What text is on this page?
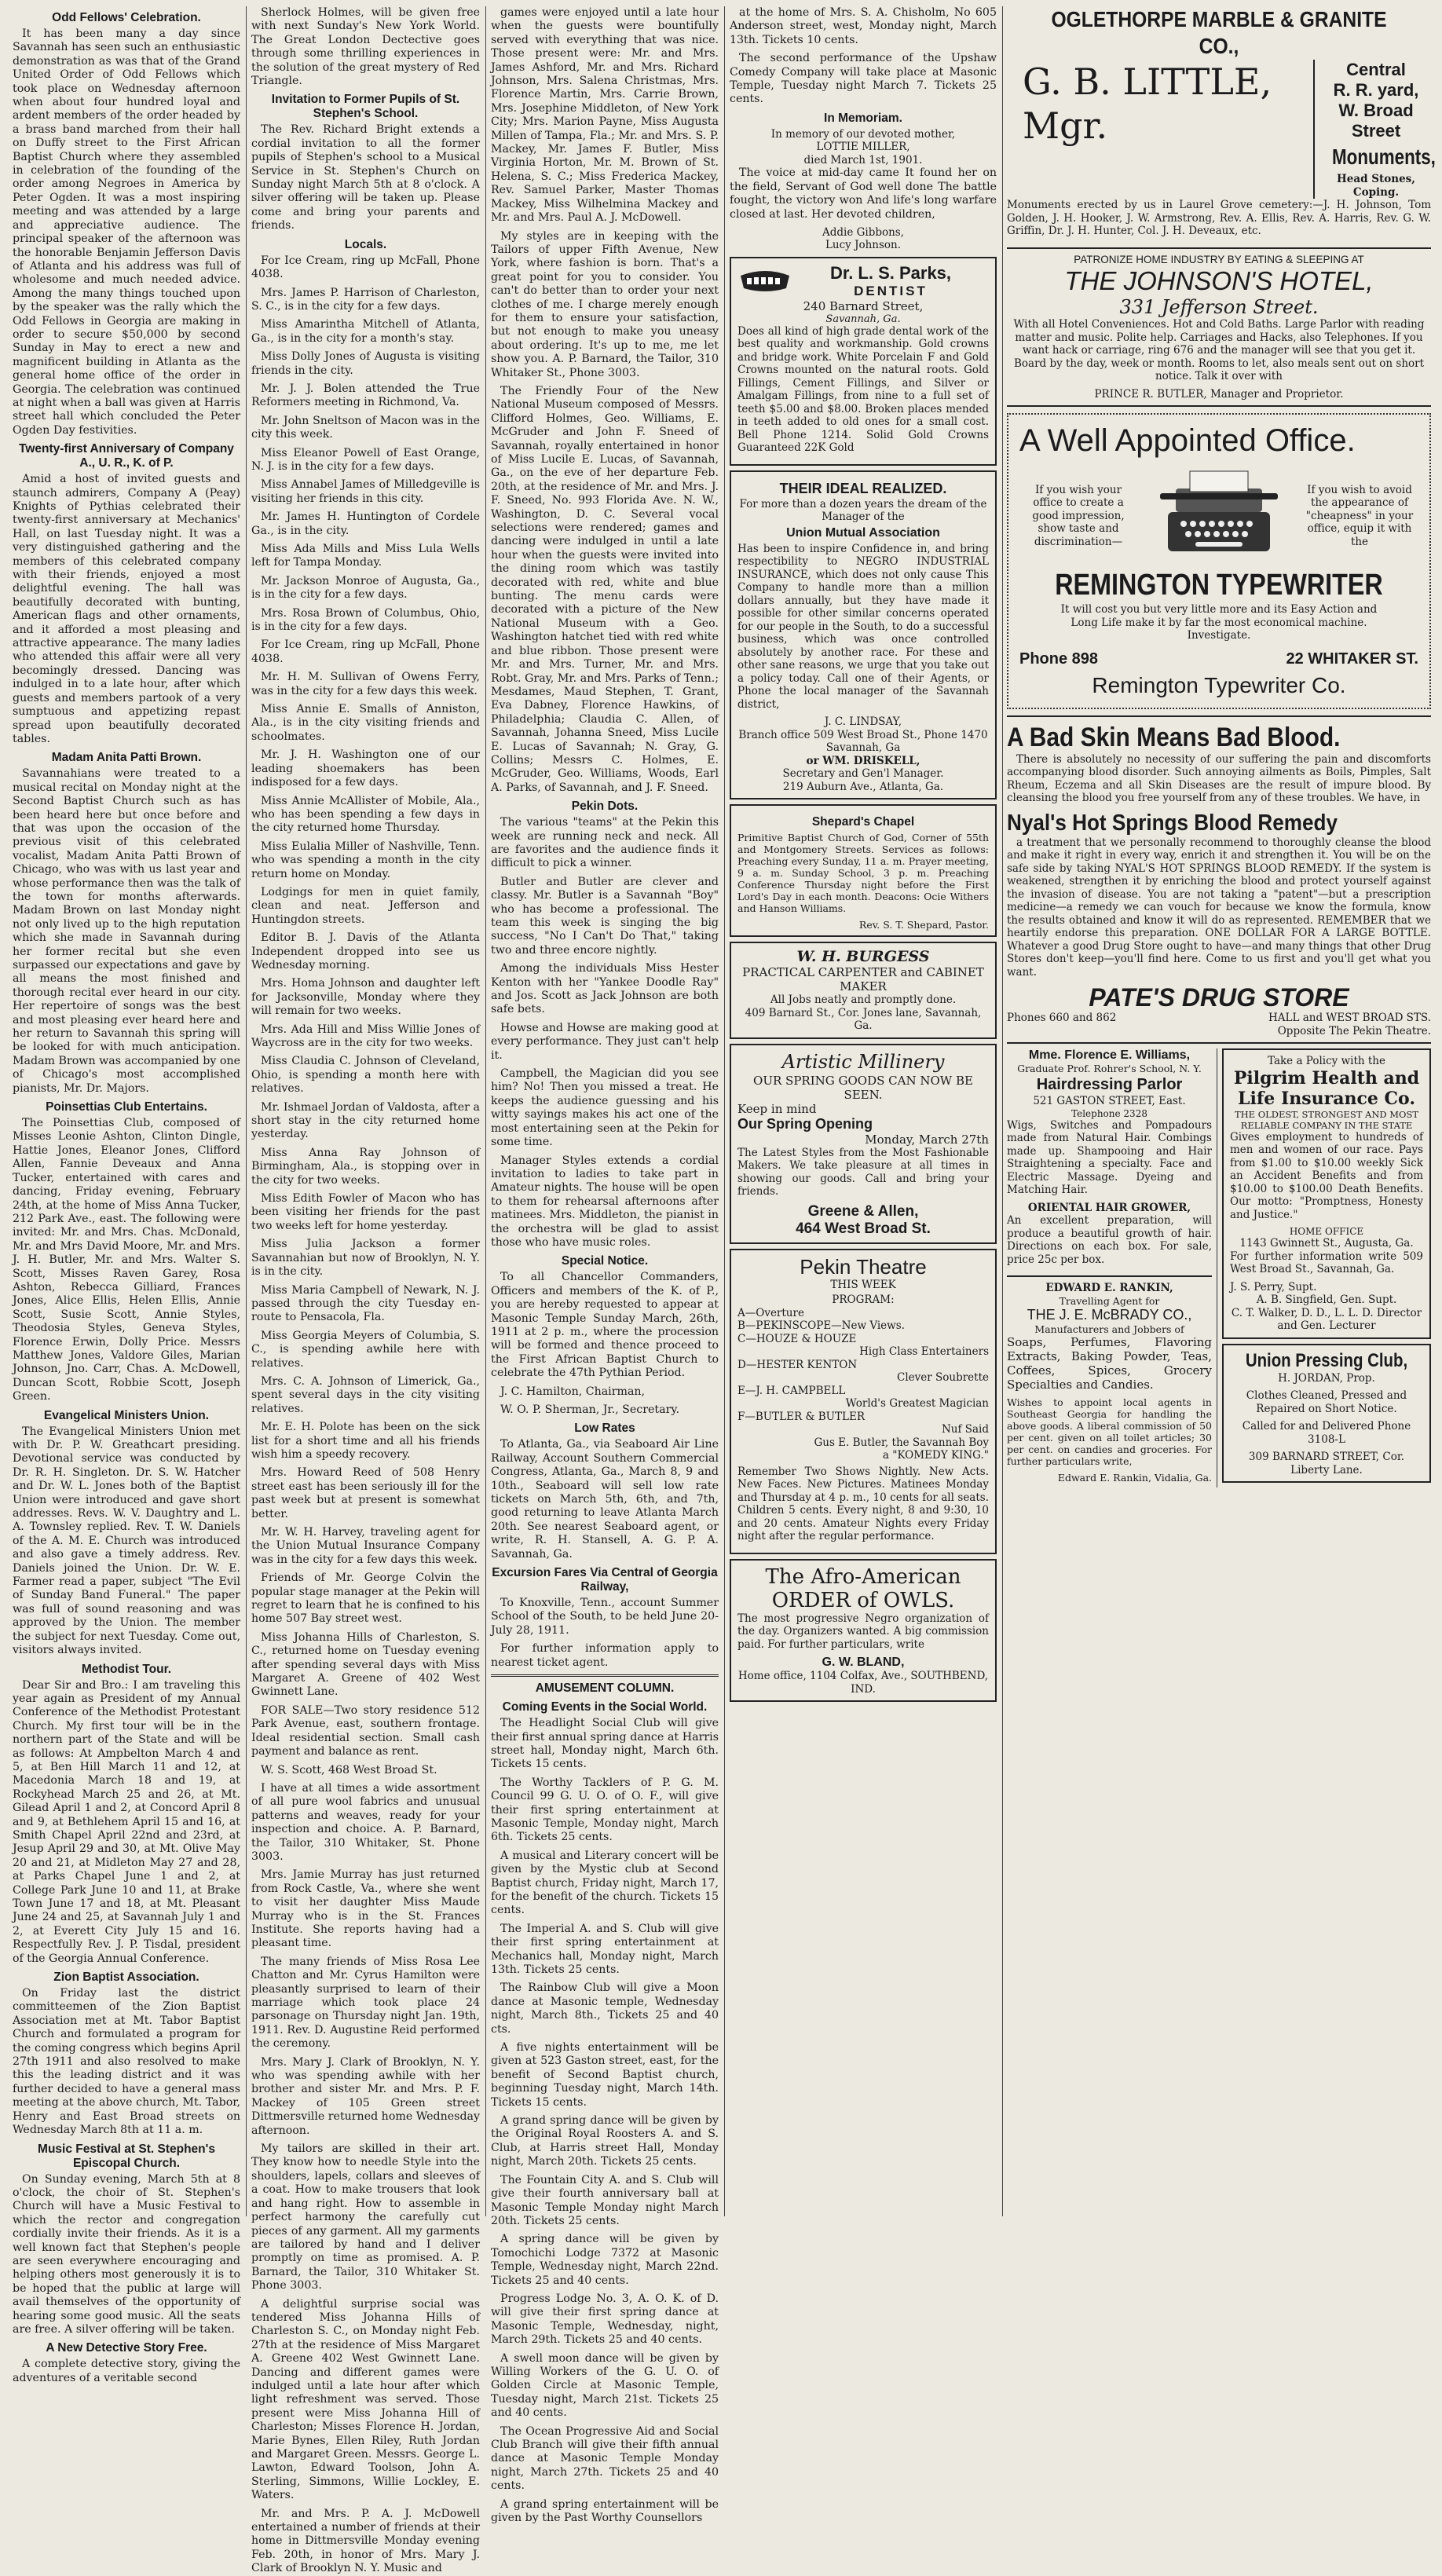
Odd Fellows' Celebration.

It has been many a day since Savannah has seen such an enthusiastic demonstration as was that of the Grand United Order of Odd Fellows which took place on Wednesday afternoon when about four hundred loyal and ardent members of the order headed by a brass band marched from their hall on Duffy street to the First African Baptist Church where they assembled in celebration of the founding of the order among Negroes in America by Peter Ogden. It was a most inspiring meeting and was attended by a large and appreciative audience. The principal speaker of the afternoon was the honorable Benjamin Jefferson Davis of Atlanta and his address was full of wholesome and much needed advice. Among the many things touched upon by the speaker was the rally which the Odd Fellows in Georgia are making in order to secure $50,000 by second Sunday in May to erect a new and magnificent building in Atlanta as the general home office of the order in Georgia. The celebration was continued at night when a ball was given at Harris street hall which concluded the Peter Ogden Day festivities.

Twenty-first Anniversary of Company A., U. R., K. of P.

Amid a host of invited guests and staunch admirers, Company A (Peay) Knights of Pythias celebrated their twenty-first anniversary at Mechanics' Hall, on last Tuesday night. It was a very distinguished gathering and the members of this celebrated company with their friends, enjoyed a most delightful evening. The hall was beautifully decorated with bunting, American flags and other ornaments, and it afforded a most pleasing and attractive appearance. The many ladies who attended this affair were all very becomingly dressed. Dancing was indulged in to a late hour, after which guests and members partook of a very sumptuous and appetizing repast spread upon beautifully decorated tables.

Madam Anita Patti Brown.

Savannahians were treated to a musical recital on Monday night at the Second Baptist Church such as has been heard here but once before and that was upon the occasion of the previous visit of this celebrated vocalist, Madam Anita Patti Brown of Chicago, who was with us last year and whose performance then was the talk of the town for months afterwards. Madam Brown on last Monday night not only lived up to the high reputation which she made in Savannah during her former recital but she even surpassed our expectations and gave by all means the most finished and thorough recital ever heard in our city. Her repertoire of songs was the best and most pleasing ever heard here and her return to Savannah this spring will be looked for with much anticipation. Madam Brown was accompanied by one of Chicago's most accomplished pianists, Mr. Dr. Majors.

Poinsettias Club Entertains.

The Poinsettias Club, composed of Misses Leonie Ashton, Clinton Dingle, Hattie Jones, Eleanor Jones, Clifford Allen, Fannie Deveaux and Anna Tucker, entertained with cares and dancing, Friday evening, February 24th, at the home of Miss Anna Tucker, 212 Park Ave., east. The following were invited: Mr. and Mrs. Chas. McDonald, Mr. and Mrs David Moore, Mr. and Mrs. J. H. Butler, Mr. and Mrs. Walter S. Scott, Misses Raven Garey, Rosa Ashton, Rebecca Gilliard, Frances Jones, Alice Ellis, Helen Ellis, Annie Scott, Susie Scott, Annie Styles, Theodosia Styles, Geneva Styles, Florence Erwin, Dolly Price. Messrs Matthew Jones, Valdore Giles, Marian Johnson, Jno. Carr, Chas. A. McDowell, Duncan Scott, Robbie Scott, Joseph Green.

Evangelical Ministers Union.

The Evangelical Ministers Union met with Dr. P. W. Greathcart presiding. Devotional service was conducted by Dr. R. H. Singleton. Dr. S. W. Hatcher and Dr. W. L. Jones both of the Baptist Union were introduced and gave short addresses. Revs. W. V. Daughtry and L. A. Townsley replied. Rev. T. W. Daniels of the A. M. E. Church was introduced and also gave a timely address. Rev. Daniels joined the Union. Dr. W. E. Farmer read a paper, subject "The Evil of Sunday Band Funeral." The paper was full of sound reasoning and was approved by the Union. The member the subject for next Tuesday. Come out, visitors always invited.

Methodist Tour.

Dear Sir and Bro.: I am traveling this year again as President of my Annual Conference of the Methodist Protestant Church. My first tour will be in the northern part of the State and will be as follows: At Ampbelton March 4 and 5, at Ben Hill March 11 and 12, at Macedonia March 18 and 19, at Rockyhead March 25 and 26, at Mt. Gilead April 1 and 2, at Concord April 8 and 9, at Bethlehem April 15 and 16, at Smith Chapel April 22nd and 23rd, at Jesup April 29 and 30, at Mt. Olive May 20 and 21, at Midleton May 27 and 28, at Parks Chapel June 1 and 2, at College Park June 10 and 11, at Brake Town June 17 and 18, at Mt. Pleasant June 24 and 25, at Savannah July 1 and 2, at Everett City July 15 and 16. Respectfully Rev. J. P. Tisdal, president of the Georgia Annual Conference.

Zion Baptist Association.

On Friday last the district committeemen of the Zion Baptist Association met at Mt. Tabor Baptist Church and formulated a program for the coming congress which begins April 27th 1911 and also resolved to make this the leading district and it was further decided to have a general mass meeting at the above church, Mt. Tabor, Henry and East Broad streets on Wednesday March 8th at 11 a. m.

Music Festival at St. Stephen's Episcopal Church.

On Sunday evening, March 5th at 8 o'clock, the choir of St. Stephen's Church will have a Music Festival to which the rector and congregation cordially invite their friends. As it is a well known fact that Stephen's people are seen everywhere encouraging and helping others most generously it is to be hoped that the public at large will avail themselves of the opportunity of hearing some good music. All the seats are free. A silver offering will be taken.

A New Detective Story Free.

A complete detective story, giving the adventures of a veritable second

Sherlock Holmes, will be given free with next Sunday's New York World. The Great London Dectective goes through some thrilling experiences in the solution of the great mystery of Red Triangle.

Invitation to Former Pupils of St. Stephen's School.

The Rev. Richard Bright extends a cordial invitation to all the former pupils of Stephen's school to a Musical Service in St. Stephen's Church on Sunday night March 5th at 8 o'clock. A silver offering will be taken up. Please come and bring your parents and friends.

Locals.

For Ice Cream, ring up McFall, Phone 4038.

Mrs. James P. Harrison of Charleston, S. C., is in the city for a few days.

Miss Amarintha Mitchell of Atlanta, Ga., is in the city for a month's stay.

Miss Dolly Jones of Augusta is visiting friends in the city.

Mr. J. J. Bolen attended the True Reformers meeting in Richmond, Va.

Mr. John Sneltson of Macon was in the city this week.

Miss Eleanor Powell of East Orange, N. J. is in the city for a few days.

Miss Annabel James of Milledgeville is visiting her friends in this city.

Mr. James H. Huntington of Cordele Ga., is in the city.

Miss Ada Mills and Miss Lula Wells left for Tampa Monday.

Mr. Jackson Monroe of Augusta, Ga., is in the city for a few days.

Mrs. Rosa Brown of Columbus, Ohio, is in the city for a few days.

For Ice Cream, ring up McFall, Phone 4038.

Mr. H. M. Sullivan of Owens Ferry, was in the city for a few days this week.

Miss Annie E. Smalls of Anniston, Ala., is in the city visiting friends and schoolmates.

Mr. J. H. Washington one of our leading shoemakers has been indisposed for a few days.

Miss Annie McAllister of Mobile, Ala., who has been spending a few days in the city returned home Thursday.

Miss Eulalia Miller of Nashville, Tenn. who was spending a month in the city return home on Monday.

Lodgings for men in quiet family, clean and neat. Jefferson and Huntingdon streets.

Editor B. J. Davis of the Atlanta Independent dropped into see us Wednesday morning.

Mrs. Homa Johnson and daughter left for Jacksonville, Monday where they will remain for two weeks.

Mrs. Ada Hill and Miss Willie Jones of Waycross are in the city for two weeks.

Miss Claudia C. Johnson of Cleveland, Ohio, is spending a month here with relatives.

Mr. Ishmael Jordan of Valdosta, after a short stay in the city returned home yesterday.

Miss Anna Ray Johnson of Birmingham, Ala., is stopping over in the city for two weeks.

Miss Edith Fowler of Macon who has been visiting her friends for the past two weeks left for home yesterday.

Miss Julia Jackson a former Savannahian but now of Brooklyn, N. Y. is in the city.

Miss Maria Campbell of Newark, N. J. passed through the city Tuesday en-route to Pensacola, Fla.

Miss Georgia Meyers of Columbia, S. C., is spending awhile here with relatives.

Mrs. C. A. Johnson of Limerick, Ga., spent several days in the city visiting relatives.

Mr. E. H. Polote has been on the sick list for a short time and all his friends wish him a speedy recovery.

Mrs. Howard Reed of 508 Henry street east has been seriously ill for the past week but at present is somewhat better.

Mr. W. H. Harvey, traveling agent for the Union Mutual Insurance Company was in the city for a few days this week.

Friends of Mr. George Colvin the popular stage manager at the Pekin will regret to learn that he is confined to his home 507 Bay street west.

Miss Johanna Hills of Charleston, S. C., returned home on Tuesday evening after spending several days with Miss Margaret A. Greene of 402 West Gwinnett Lane.

FOR SALE—Two story residence 512 Park Avenue, east, southern frontage. Ideal residential section. Small cash payment and balance as rent.

W. S. Scott, 468 West Broad St.

I have at all times a wide assortment of all pure wool fabrics and unusual patterns and weaves, ready for your inspection and choice. A. P. Barnard, the Tailor, 310 Whitaker, St. Phone 3003.

Mrs. Jamie Murray has just returned from Rock Castle, Va., where she went to visit her daughter Miss Maude Murray who is in the St. Frances Institute. She reports having had a pleasant time.

The many friends of Miss Rosa Lee Chatton and Mr. Cyrus Hamilton were pleasantly surprised to learn of their marriage which took place 24 parsonage on Thursday night Jan. 19th, 1911. Rev. D. Augustine Reid performed the ceremony.

Mrs. Mary J. Clark of Brooklyn, N. Y. who was spending awhile with her brother and sister Mr. and Mrs. P. F. Mackey of 105 Green street Dittmersville returned home Wednesday afternoon.

My tailors are skilled in their art. They know how to needle Style into the shoulders, lapels, collars and sleeves of a coat. How to make trousers that look and hang right. How to assemble in perfect harmony the carefully cut pieces of any garment. All my garments are tailored by hand and I deliver promptly on time as promised. A. P. Barnard, the Tailor, 310 Whitaker St. Phone 3003.

A delightful surprise social was tendered Miss Johanna Hills of Charleston S. C., on Monday night Feb. 27th at the residence of Miss Margaret A. Greene 402 West Gwinnett Lane. Dancing and different games were indulged until a late hour after which light refreshment was served. Those present were Miss Johanna Hill of Charleston; Misses Florence H. Jordan, Marie Bynes, Ellen Riley, Ruth Jordan and Margaret Green. Messrs. George L. Lawton, Edward Toolson, John A. Sterling, Simmons, Willie Lockley, E. Waters.

Mr. and Mrs. P. A. J. McDowell entertained a number of friends at their home in Dittmersville Monday evening Feb. 20th, in honor of Mrs. Mary J. Clark of Brooklyn N. Y. Music and

games were enjoyed until a late hour when the guests were bountifully served with everything that was nice. Those present were: Mr. and Mrs. James Ashford, Mr. and Mrs. Richard Johnson, Mrs. Salena Christmas, Mrs. Florence Martin, Mrs. Carrie Brown, Mrs. Josephine Middleton, of New York City; Mrs. Marion Payne, Miss Augusta Millen of Tampa, Fla.; Mr. and Mrs. S. P. Mackey, Mr. James F. Butler, Miss Virginia Horton, Mr. M. Brown of St. Helena, S. C.; Miss Frederica Mackey, Rev. Samuel Parker, Master Thomas Mackey, Miss Wilhelmina Mackey and Mr. and Mrs. Paul A. J. McDowell.

My styles are in keeping with the Tailors of upper Fifth Avenue, New York, where fashion is born. That's a great point for you to consider. You can't do better than to order your next clothes of me. I charge merely enough for them to ensure your satisfaction, but not enough to make you uneasy about ordering. It's up to me, me let show you. A. P. Barnard, the Tailor, 310 Whitaker St., Phone 3003.

The Friendly Four of the New National Museum composed of Messrs. Clifford Holmes, Geo. Williams, E. McGruder and John F. Sneed of Savannah, royally entertained in honor of Miss Lucile E. Lucas, of Savannah, Ga., on the eve of her departure Feb. 20th, at the residence of Mr. and Mrs. J. F. Sneed, No. 993 Florida Ave. N. W., Washington, D. C. Several vocal selections were rendered; games and dancing were indulged in until a late hour when the guests were invited into the dining room which was tastily decorated with red, white and blue bunting. The menu cards were decorated with a picture of the New National Museum with a Geo. Washington hatchet tied with red white and blue ribbon. Those present were Mr. and Mrs. Turner, Mr. and Mrs. Robt. Gray, Mr. and Mrs. Parks of Tenn.; Mesdames, Maud Stephen, T. Grant, Eva Dabney, Florence Hawkins, of Philadelphia; Claudia C. Allen, of Savannah, Johanna Sneed, Miss Lucile E. Lucas of Savannah; N. Gray, G. Collins; Messrs C. Holmes, E. McGruder, Geo. Williams, Woods, Earl A. Parks, of Savannah, and J. F. Sneed.

Pekin Dots.

The various "teams" at the Pekin this week are running neck and neck. All are favorites and the audience finds it difficult to pick a winner.

Butler and Butler are clever and classy. Mr. Butler is a Savannah "Boy" who has become a professional. The team this week is singing the big success, "No I Can't Do That," taking two and three encore nightly.

Among the individuals Miss Hester Kenton with her "Yankee Doodle Ray" and Jos. Scott as Jack Johnson are both safe bets.

Howse and Howse are making good at every performance. They just can't help it.

Campbell, the Magician did you see him? No! Then you missed a treat. He keeps the audience guessing and his witty sayings makes his act one of the most entertaining seen at the Pekin for some time.

Manager Styles extends a cordial invitation to ladies to take part in Amateur nights. The house will be open to them for rehearsal afternoons after matinees. Mrs. Middleton, the pianist in the orchestra will be glad to assist those who have music roles.

Special Notice.

To all Chancellor Commanders, Officers and members of the K. of P., you are hereby requested to appear at Masonic Temple Sunday March, 26th, 1911 at 2 p. m., where the procession will be formed and thence proceed to the First African Baptist Church to celebrate the 47th Pythian Period.

J. C. Hamilton, Chairman,

W. O. P. Sherman, Jr., Secretary.

Low Rates

To Atlanta, Ga., via Seaboard Air Line Railway, Account Southern Commercial Congress, Atlanta, Ga., March 8, 9 and 10th., Seaboard will sell low rate tickets on March 5th, 6th, and 7th, good returning to leave Atlanta March 20th. See nearest Seaboard agent, or write, R. H. Stansell, A. G. P. A. Savannah, Ga.

Excursion Fares Via Central of Georgia Railway,

To Knoxville, Tenn., account Summer School of the South, to be held June 20-July 28, 1911.

For further information apply to nearest ticket agent.

AMUSEMENT COLUMN.
Coming Events in the Social World.

The Headlight Social Club will give their first annual spring dance at Harris street hall, Monday night, March 6th. Tickets 15 cents.

The Worthy Tacklers of P. G. M. Council 99 G. U. O. of O. F., will give their first spring entertainment at Masonic Temple, Monday night, March 6th. Tickets 25 cents.

A musical and Literary concert will be given by the Mystic club at Second Baptist church, Friday night, March 17, for the benefit of the church. Tickets 15 cents.

The Imperial A. and S. Club will give their first spring entertainment at Mechanics hall, Monday night, March 13th. Tickets 25 cents.

The Rainbow Club will give a Moon dance at Masonic temple, Wednesday night, March 8th., Tickets 25 and 40 cts.

A five nights entertainment will be given at 523 Gaston street, east, for the benefit of Second Baptist church, beginning Tuesday night, March 14th. Tickets 15 cents.

A grand spring dance will be given by the Original Royal Roosters A. and S. Club, at Harris street Hall, Monday night, March 20th. Tickets 25 cents.

The Fountain City A. and S. Club will give their fourth anniversary ball at Masonic Temple Monday night March 20th. Tickets 25 cents.

A spring dance will be given by Tomochichi Lodge 7372 at Masonic Temple, Wednesday night, March 22nd. Tickets 25 and 40 cents.

Progress Lodge No. 3, A. O. K. of D. will give their first spring dance at Masonic Temple, Wednesday, night, March 29th. Tickets 25 and 40 cents.

A swell moon dance will be given by Willing Workers of the G. U. O. of Golden Circle at Masonic Temple, Tuesday night, March 21st. Tickets 25 and 40 cents.

The Ocean Progressive Aid and Social Club Branch will give their fifth annual dance at Masonic Temple Monday night, March 27th. Tickets 25 and 40 cents.

A grand spring entertainment will be given by the Past Worthy Counsellors

at the home of Mrs. S. A. Chisholm, No 605 Anderson street, west, Monday night, March 13th. Tickets 10 cents.

The second performance of the Upshaw Comedy Company will take place at Masonic Temple, Tuesday night March 7. Tickets 25 cents.

In Memoriam.
In memory of our devoted mother,
LOTTIE MILLER,
died March 1st, 1901.

The voice at mid-day came It found her on the field, Servant of God well done The battle fought, the victory won And life's long warfare closed at last. Her devoted children,

Addie Gibbons,
Lucy Johnson.
Dr. L. S. Parks,
DENTIST
240 Barnard Street,
Savannah, Ga.

Does all kind of high grade dental work of the best quality and workmanship. Gold crowns and bridge work. White Porcelain F and Gold Crowns mounted on the natural roots. Gold Fillings, Cement Fillings, and Silver or Amalgam Fillings, from nine to a full set of teeth $5.00 and $8.00. Broken places mended in teeth added to old ones for a small cost. Bell Phone 1214. Solid Gold Crowns Guaranteed 22K Gold

THEIR IDEAL REALIZED.
For more than a dozen years the dream of the Manager of the
Union Mutual Association

Has been to inspire Confidence in, and bring respectibility to NEGRO INDUSTRIAL INSURANCE, which does not only cause This Company to handle more than a million dollars annually, but they have made it possible for other similar concerns operated for our people in the South, to do a successful business, which was once controlled absolutely by another race. For these and other sane reasons, we urge that you take out a policy today. Call one of their Agents, or Phone the local manager of the Savannah district,

J. C. LINDSAY,
Branch office 509 West Broad St., Phone 1470 Savannah, Ga
or WM. DRISKELL,
Secretary and Gen'l Manager.
219 Auburn Ave., Atlanta, Ga.
Shepard's Chapel

Primitive Baptist Church of God, Corner of 55th and Montgomery Streets. Services as follows: Preaching every Sunday, 11 a. m. Prayer meeting, 9 a. m. Sunday School, 3 p. m. Preaching Conference Thursday night before the First Lord's Day in each month. Deacons: Ocie Withers and Hanson Williams.

Rev. S. T. Shepard, Pastor.
W. H. BURGESS
PRACTICAL CARPENTER and CABINET MAKER
All Jobs neatly and promptly done.
409 Barnard St., Cor. Jones lane, Savannah, Ga.
Artistic Millinery
OUR SPRING GOODS CAN NOW BE SEEN.
Keep in mind
Our Spring Opening
Monday, March 27th

The Latest Styles from the Most Fashionable Makers. We take pleasure at all times in showing our goods. Call and bring your friends.

Greene & Allen,
464 West Broad St.
Pekin Theatre
THIS WEEK
PROGRAM:
A—Overture
B—PEKINSCOPE—New Views.
C—HOUZE & HOUZE
High Class Entertainers
D—HESTER KENTON
Clever Soubrette
E—J. H. CAMPBELL
World's Greatest Magician
F—BUTLER & BUTLER
Nuf Said
Gus E. Butler, the Savannah Boy
a "KOMEDY KING."

Remember Two Shows Nightly. New Acts. New Faces. New Pictures. Matinees Monday and Thursday at 4 p. m., 10 cents for all seats. Children 5 cents. Every night, 8 and 9:30, 10 and 20 cents. Amateur Nights every Friday night after the regular performance.

The Afro-American ORDER of OWLS.

The most progressive Negro organization of the day. Organizers wanted. A big commission paid. For further particulars, write

G. W. BLAND,
Home office, 1104 Colfax, Ave., SOUTHBEND, IND.
OGLETHORPE MARBLE & GRANITE CO.,
G. B. LITTLE, Mgr.
Central
R. R. yard,
W. Broad
Street
Monuments,
Head Stones, Coping.

Monuments erected by us in Laurel Grove cemetery:—J. H. Johnson, Tom Golden, J. H. Hooker, J. W. Armstrong, Rev. A. Ellis, Rev. A. Harris, Rev. G. W. Griffin, Dr. J. H. Hunter, Col. J. H. Deveaux, etc.

PATRONIZE HOME INDUSTRY BY EATING & SLEEPING AT
THE JOHNSON'S HOTEL,
331 Jefferson Street.

With all Hotel Conveniences. Hot and Cold Baths. Large Parlor with reading matter and music. Polite help. Carriages and Hacks, also Telephones. If you want hack or carriage, ring 676 and the manager will see that you get it. Board by the day, week or month. Rooms to let, also meals sent out on short notice. Talk it over with

PRINCE R. BUTLER, Manager and Proprietor.
A Well Appointed Office.
If you wish your office to create a good impression, show taste and discrimination—
If you wish to avoid the appearance of "cheapness" in your office, equip it with the
REMINGTON TYPEWRITER
It will cost you but very little more and its Easy Action and Long Life make it by far the most economical machine. Investigate.
Phone 898	22 WHITAKER ST.
Remington Typewriter Co.
A Bad Skin Means Bad Blood.

There is absolutely no necessity of our suffering the pain and discomforts accompanying blood disorder. Such annoying ailments as Boils, Pimples, Salt Rheum, Eczema and all Skin Diseases are the result of impure blood. By cleansing the blood you free yourself from any of these troubles. We have, in

Nyal's Hot Springs Blood Remedy

a treatment that we personally recommend to thoroughly cleanse the blood and make it right in every way, enrich it and strengthen it. You will be on the safe side by taking NYAL'S HOT SPRINGS BLOOD REMEDY. If the system is weakened, strengthen it by enriching the blood and protect yourself against the invasion of disease. You are not taking a "patent"—but a prescription medicine—a remedy we can vouch for because we know the formula, know the results obtained and know it will do as represented. REMEMBER that we heartily endorse this preparation. ONE DOLLAR FOR A LARGE BOTTLE. Whatever a good Drug Store ought to have—and many things that other Drug Stores don't keep—you'll find here. Come to us first and you'll get what you want.

PATE'S DRUG STORE
Phones 660 and 862	HALL and WEST BROAD STS.
Opposite The Pekin Theatre.
Mme. Florence E. Williams,
Graduate Prof. Rohrer's School, N. Y.
Hairdressing Parlor
521 GASTON STREET, East.
Telephone 2328

Wigs, Switches and Pompadours made from Natural Hair. Combings made up. Shampooing and Hair Straightening a specialty. Face and Electric Massage. Dyeing and Matching Hair.

ORIENTAL HAIR GROWER,

An excellent preparation, will produce a beautiful growth of hair. Directions on each box. For sale, price 25c per box.

EDWARD E. RANKIN,
Travelling Agent for
THE J. E. McBRADY CO.,
Manufacturers and Jobbers of

Soaps, Perfumes, Flavoring Extracts, Baking Powder, Teas, Coffees, Spices, Grocery Specialties and Candies.

Wishes to appoint local agents in Southeast Georgia for handling the above goods. A liberal commission of 50 per cent. given on all toilet articles; 30 per cent. on candies and groceries. For further particulars write,

Edward E. Rankin, Vidalia, Ga.
Take a Policy with the
Pilgrim Health and Life Insurance Co.
THE OLDEST, STRONGEST AND MOST RELIABLE COMPANY IN THE STATE

Gives employment to hundreds of men and women of our race. Pays from $1.00 to $10.00 weekly Sick an Accident Benefits and from $10.00 to $100.00 Death Benefits. Our motto: "Promptness, Honesty and Justice."

HOME OFFICE
1143 Gwinnett St., Augusta, Ga.

For further information write 509 West Broad St., Savannah, Ga.

J. S. Perry, Supt.
A. B. Singfield, Gen. Supt.
C. T. Walker, D. D., L. L. D. Director and Gen. Lecturer
Union Pressing Club,
H. JORDAN, Prop.
Clothes Cleaned, Pressed and Repaired on Short Notice.
Called for and Delivered Phone 3108-L
309 BARNARD STREET, Cor. Liberty Lane.
